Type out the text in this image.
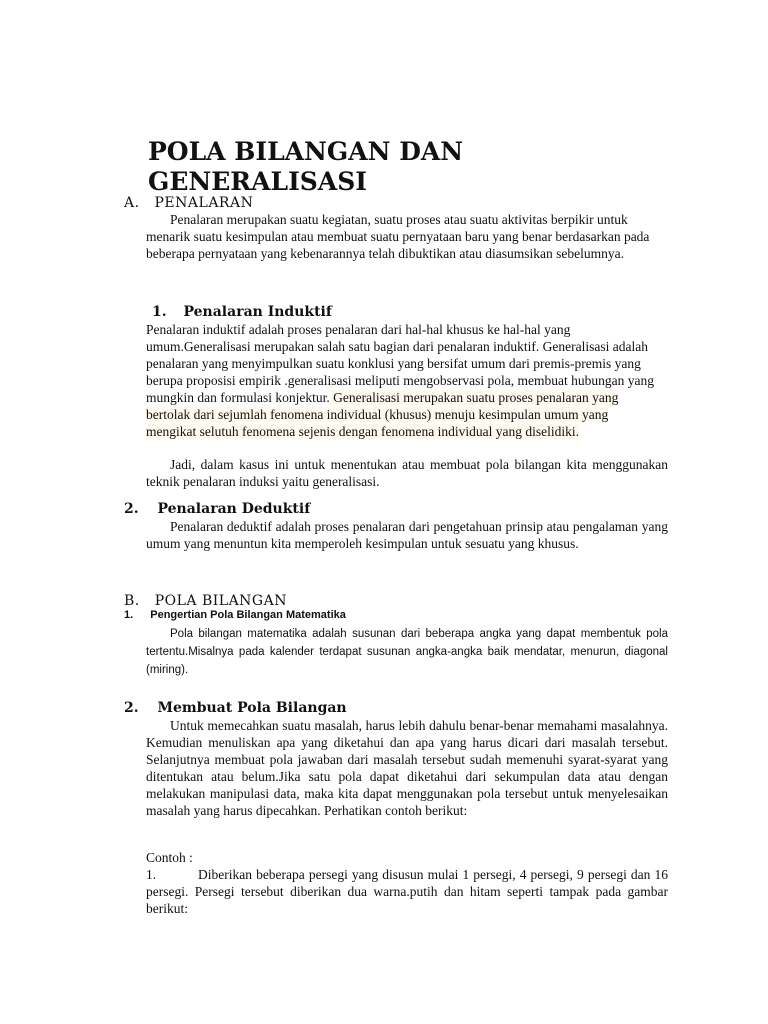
POLA BILANGAN DAN GENERALISASI
A. PENALARAN

Penalaran merupakan suatu kegiatan, suatu proses atau suatu aktivitas berpikir untuk menarik suatu kesimpulan atau membuat suatu pernyataan baru yang benar berdasarkan pada beberapa pernyataan yang kebenarannya telah dibuktikan atau diasumsikan sebelumnya.

1. Penalaran Induktif

Penalaran induktif adalah proses penalaran dari hal-hal khusus ke hal-hal yang umum.Generalisasi merupakan salah satu bagian dari penalaran induktif. Generalisasi adalah penalaran yang menyimpulkan suatu konklusi yang bersifat umum dari premis-premis yang berupa proposisi empirik .generalisasi meliputi mengobservasi pola, membuat hubungan yang mungkin dan formulasi konjektur. Generalisasi merupakan suatu proses penalaran yang bertolak dari sejumlah fenomena individual (khusus) menuju kesimpulan umum yang mengikat selutuh fenomena sejenis dengan fenomena individual yang diselidiki.

Jadi, dalam kasus ini untuk menentukan atau membuat pola bilangan kita menggunakan teknik penalaran induksi yaitu generalisasi.

2. Penalaran Deduktif

Penalaran deduktif adalah proses penalaran dari pengetahuan prinsip atau pengalaman yang umum yang menuntun kita memperoleh kesimpulan untuk sesuatu yang khusus.

B. POLA BILANGAN
1. Pengertian Pola Bilangan Matematika

Pola bilangan matematika adalah susunan dari beberapa angka yang dapat membentuk pola tertentu.Misalnya pada kalender terdapat susunan angka-angka baik mendatar, menurun, diagonal (miring).

2. Membuat Pola Bilangan

Untuk memecahkan suatu masalah, harus lebih dahulu benar-benar memahami masalahnya. Kemudian menuliskan apa yang diketahui dan apa yang harus dicari dari masalah tersebut. Selanjutnya membuat pola jawaban dari masalah tersebut sudah memenuhi syarat-syarat yang ditentukan atau belum.Jika satu pola dapat diketahui dari sekumpulan data atau dengan melakukan manipulasi data, maka kita dapat menggunakan pola tersebut untuk menyelesaikan masalah yang harus dipecahkan. Perhatikan contoh berikut:

Contoh :

1.	Diberikan beberapa persegi yang disusun mulai 1 persegi, 4 persegi, 9 persegi dan 16 persegi. Persegi tersebut diberikan dua warna.putih dan hitam seperti tampak pada gambar berikut:
